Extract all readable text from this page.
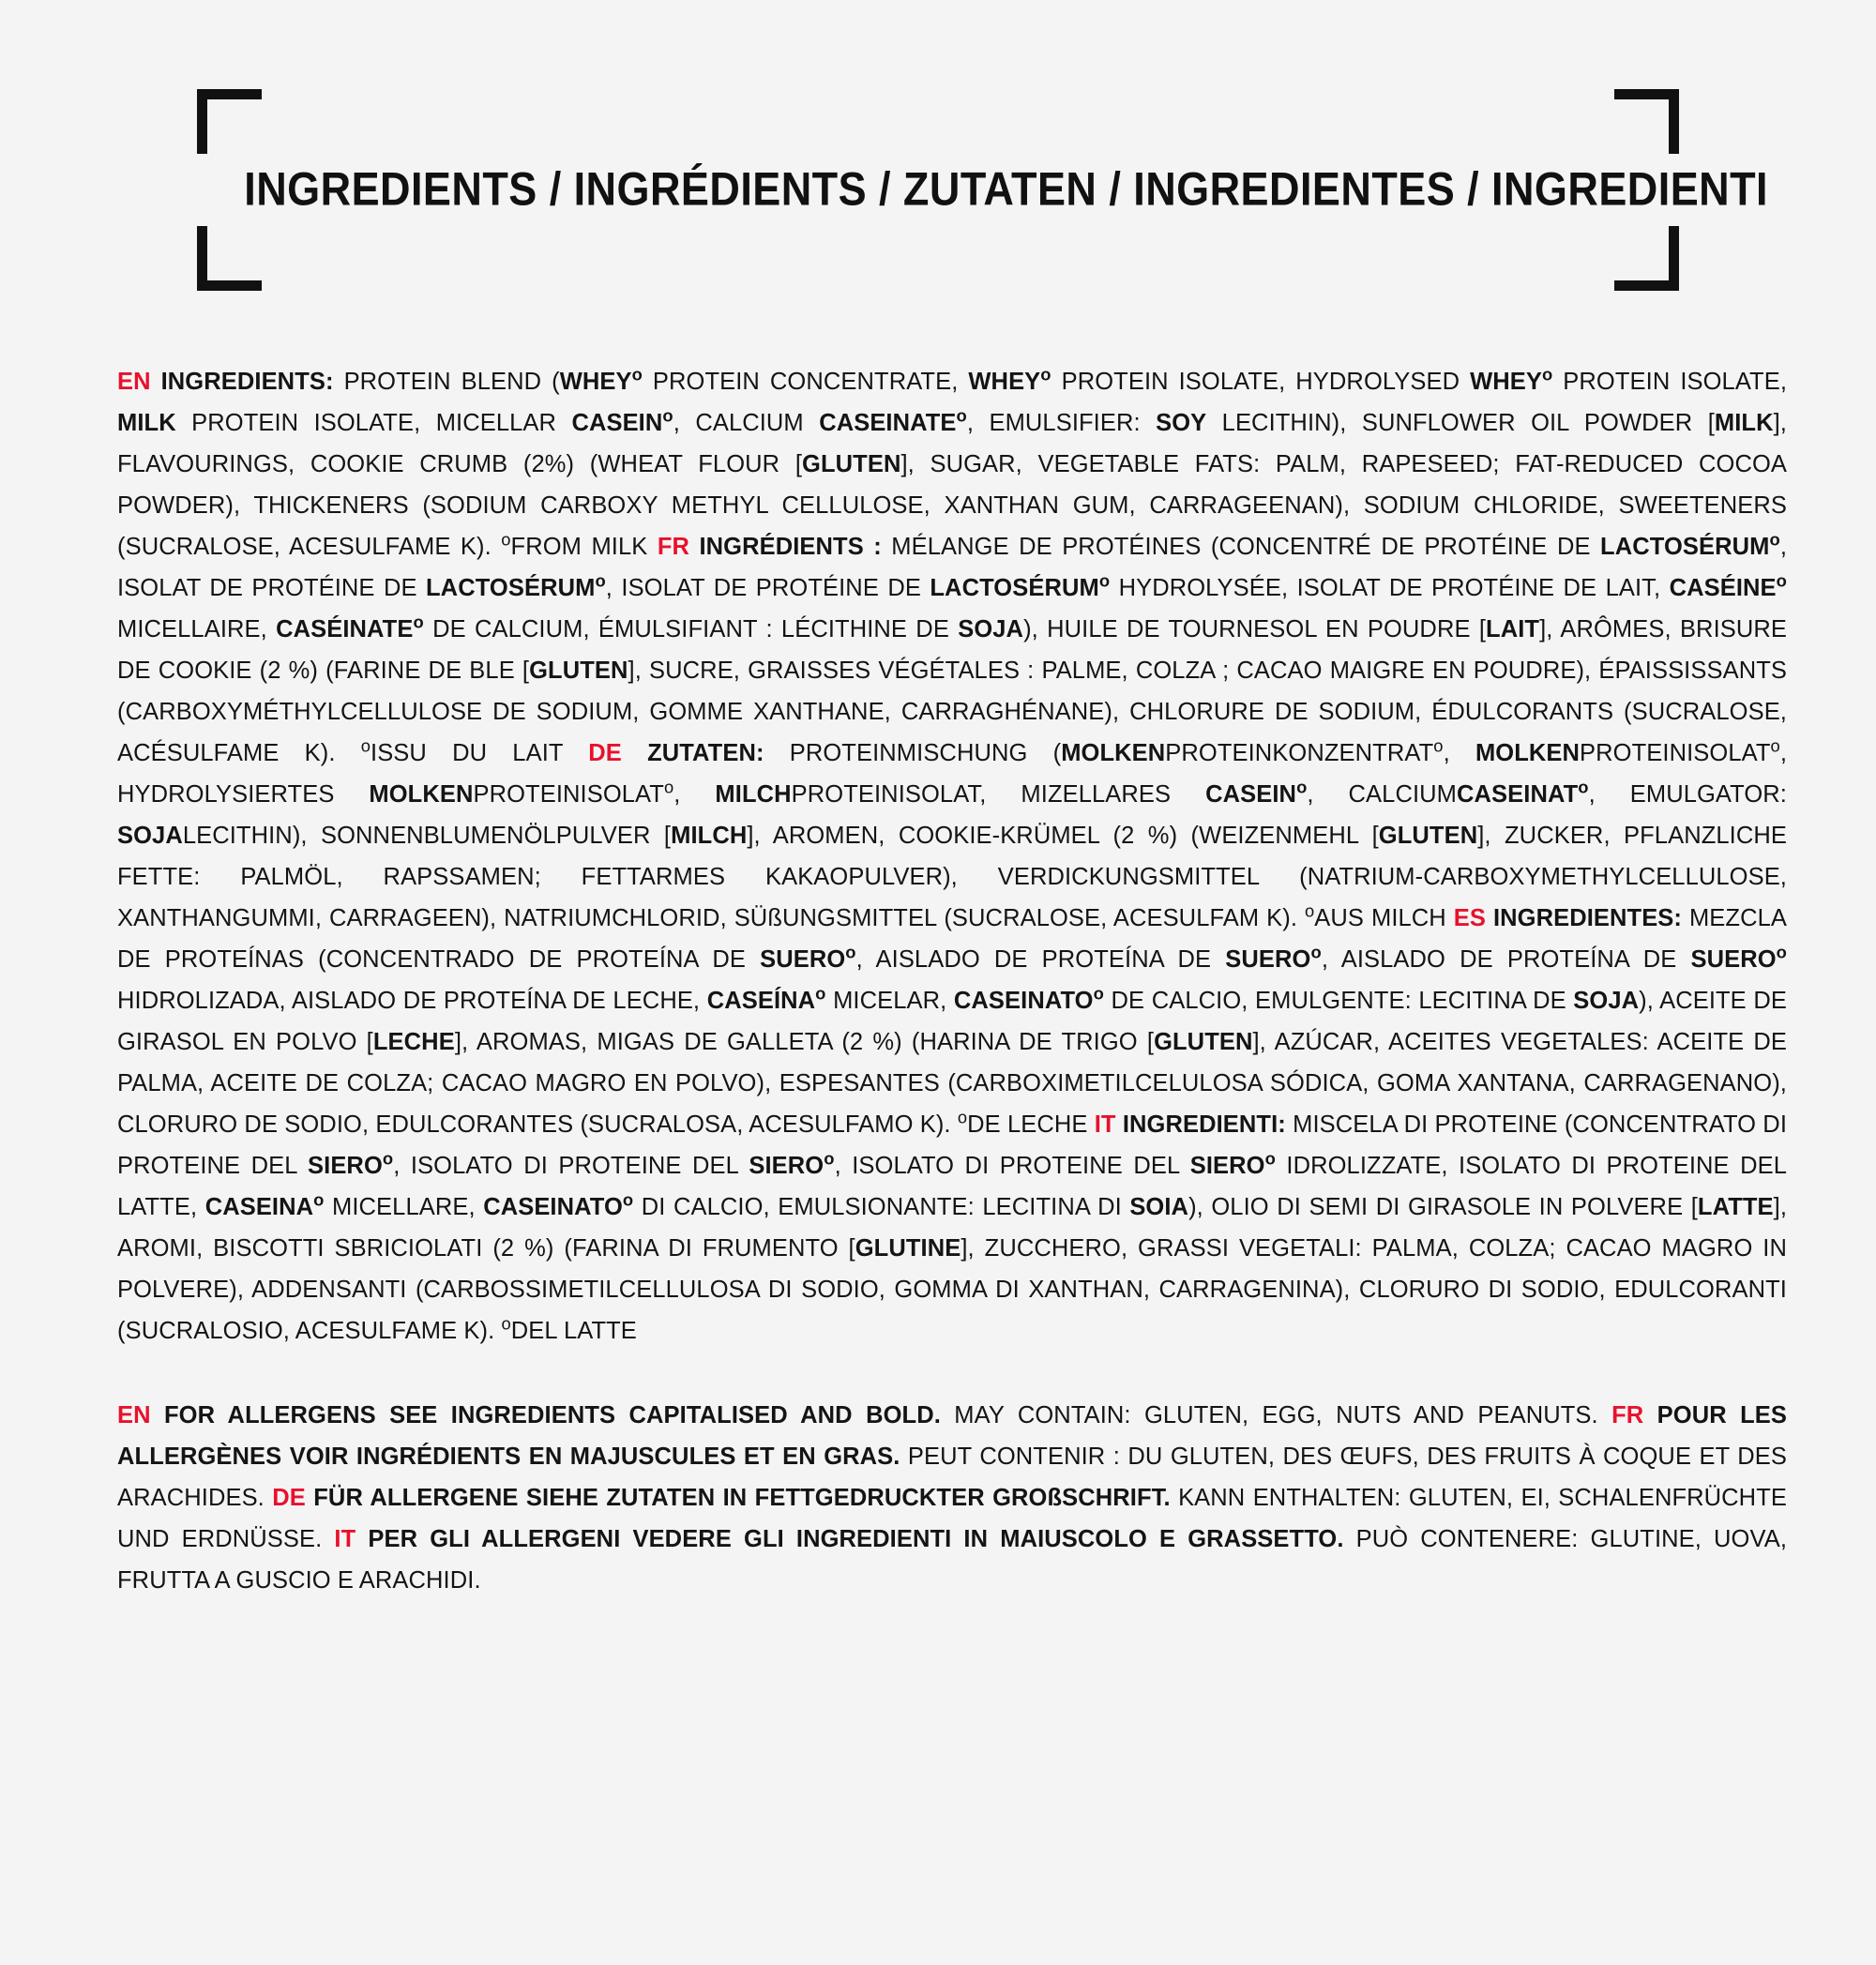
INGREDIENTS / INGRÉDIENTS / ZUTATEN / INGREDIENTES / INGREDIENTI

EN INGREDIENTS: PROTEIN BLEND (WHEY$^o$ PROTEIN CONCENTRATE, WHEY$^o$ PROTEIN ISOLATE, HYDROLYSED WHEY$^o$ PROTEIN ISOLATE, MILK PROTEIN ISOLATE, MICELLAR CASEIN$^o$, CALCIUM CASEINATE$^o$, EMULSIFIER: SOY LECITHIN), SUNFLOWER OIL POWDER [MILK], FLAVOURINGS, COOKIE CRUMB (2%) (WHEAT FLOUR [GLUTEN], SUGAR, VEGETABLE FATS: PALM, RAPESEED; FAT-REDUCED COCOA POWDER), THICKENERS (SODIUM CARBOXY METHYL CELLULOSE, XANTHAN GUM, CARRAGEENAN), SODIUM CHLORIDE, SWEETENERS (SUCRALOSE, ACESULFAME K). $^o$FROM MILK FR INGRÉDIENTS : MÉLANGE DE PROTÉINES (CONCENTRÉ DE PROTÉINE DE LACTOSÉRUM$^o$, ISOLAT DE PROTÉINE DE LACTOSÉRUM$^o$, ISOLAT DE PROTÉINE DE LACTOSÉRUM$^o$ HYDROLYSÉE, ISOLAT DE PROTÉINE DE LAIT, CASÉINE$^o$ MICELLAIRE, CASÉINATE$^o$ DE CALCIUM, ÉMULSIFIANT : LÉCITHINE DE SOJA), HUILE DE TOURNESOL EN POUDRE [LAIT], ARÔMES, BRISURE DE COOKIE (2 %) (FARINE DE BLE [GLUTEN], SUCRE, GRAISSES VÉGÉTALES : PALME, COLZA ; CACAO MAIGRE EN POUDRE), ÉPAISSISSANTS (CARBOXYMÉTHYLCELLULOSE DE SODIUM, GOMME XANTHANE, CARRAGHÉNANE), CHLORURE DE SODIUM, ÉDULCORANTS (SUCRALOSE, ACÉSULFAME K). $^o$ISSU DU LAIT DE ZUTATEN: PROTEINMISCHUNG (MOLKENPROTEINKONZENTRAT$^o$, MOLKENPROTEINISOLAT$^o$, HYDROLYSIERTES MOLKENPROTEINISOLAT$^o$, MILCHPROTEINISOLAT, MIZELLARES CASEIN$^o$, CALCIUMCASEINAT$^o$, EMULGATOR: SOJALECITHIN), SONNENBLUMENÖLPULVER [MILCH], AROMEN, COOKIE-KRÜMEL (2 %) (WEIZENMEHL [GLUTEN], ZUCKER, PFLANZLICHE FETTE: PALMÖL, RAPSSAMEN; FETTARMES KAKAOPULVER), VERDICKUNGSMITTEL (NATRIUM-CARBOXYMETHYLCELLULOSE, XANTHANGUMMI, CARRAGEEN), NATRIUMCHLORID, SÜßUNGSMITTEL (SUCRALOSE, ACESULFAM K). $^o$AUS MILCH ES INGREDIENTES: MEZCLA DE PROTEÍNAS (CONCENTRADO DE PROTEÍNA DE SUERO$^o$, AISLADO DE PROTEÍNA DE SUERO$^o$, AISLADO DE PROTEÍNA DE SUERO$^o$ HIDROLIZADA, AISLADO DE PROTEÍNA DE LECHE, CASEÍNA$^o$ MICELAR, CASEINATO$^o$ DE CALCIO, EMULGENTE: LECITINA DE SOJA), ACEITE DE GIRASOL EN POLVO [LECHE], AROMAS, MIGAS DE GALLETA (2 %) (HARINA DE TRIGO [GLUTEN], AZÚCAR, ACEITES VEGETALES: ACEITE DE PALMA, ACEITE DE COLZA; CACAO MAGRO EN POLVO), ESPESANTES (CARBOXIMETILCELULOSA SÓDICA, GOMA XANTANA, CARRAGENANO), CLORURO DE SODIO, EDULCORANTES (SUCRALOSA, ACESULFAMO K). $^o$DE LECHE IT INGREDIENTI: MISCELA DI PROTEINE (CONCENTRATO DI PROTEINE DEL SIERO$^o$, ISOLATO DI PROTEINE DEL SIERO$^o$, ISOLATO DI PROTEINE DEL SIERO$^o$ IDROLIZZATE, ISOLATO DI PROTEINE DEL LATTE, CASEINA$^o$ MICELLARE, CASEINATO$^o$ DI CALCIO, EMULSIONANTE: LECITINA DI SOIA), OLIO DI SEMI DI GIRASOLE IN POLVERE [LATTE], AROMI, BISCOTTI SBRICIOLATI (2 %) (FARINA DI FRUMENTO [GLUTINE], ZUCCHERO, GRASSI VEGETALI: PALMA, COLZA; CACAO MAGRO IN POLVERE), ADDENSANTI (CARBOSSIMETILCELLULOSA DI SODIO, GOMMA DI XANTHAN, CARRAGENINA), CLORURO DI SODIO, EDULCORANTI (SUCRALOSIO, ACESULFAME K). $^o$DEL LATTE

EN FOR ALLERGENS SEE INGREDIENTS CAPITALISED AND BOLD. MAY CONTAIN: GLUTEN, EGG, NUTS AND PEANUTS. FR POUR LES ALLERGÈNES VOIR INGRÉDIENTS EN MAJUSCULES ET EN GRAS. PEUT CONTENIR : DU GLUTEN, DES ŒUFS, DES FRUITS À COQUE ET DES ARACHIDES. DE FÜR ALLERGENE SIEHE ZUTATEN IN FETTGEDRUCKTER GROßSCHRIFT. KANN ENTHALTEN: GLUTEN, EI, SCHALENFRÜCHTE UND ERDNÜSSE. IT PER GLI ALLERGENI VEDERE GLI INGREDIENTI IN MAIUSCOLO E GRASSETTO. PUÒ CONTENERE: GLUTINE, UOVA, FRUTTA A GUSCIO E ARACHIDI.
